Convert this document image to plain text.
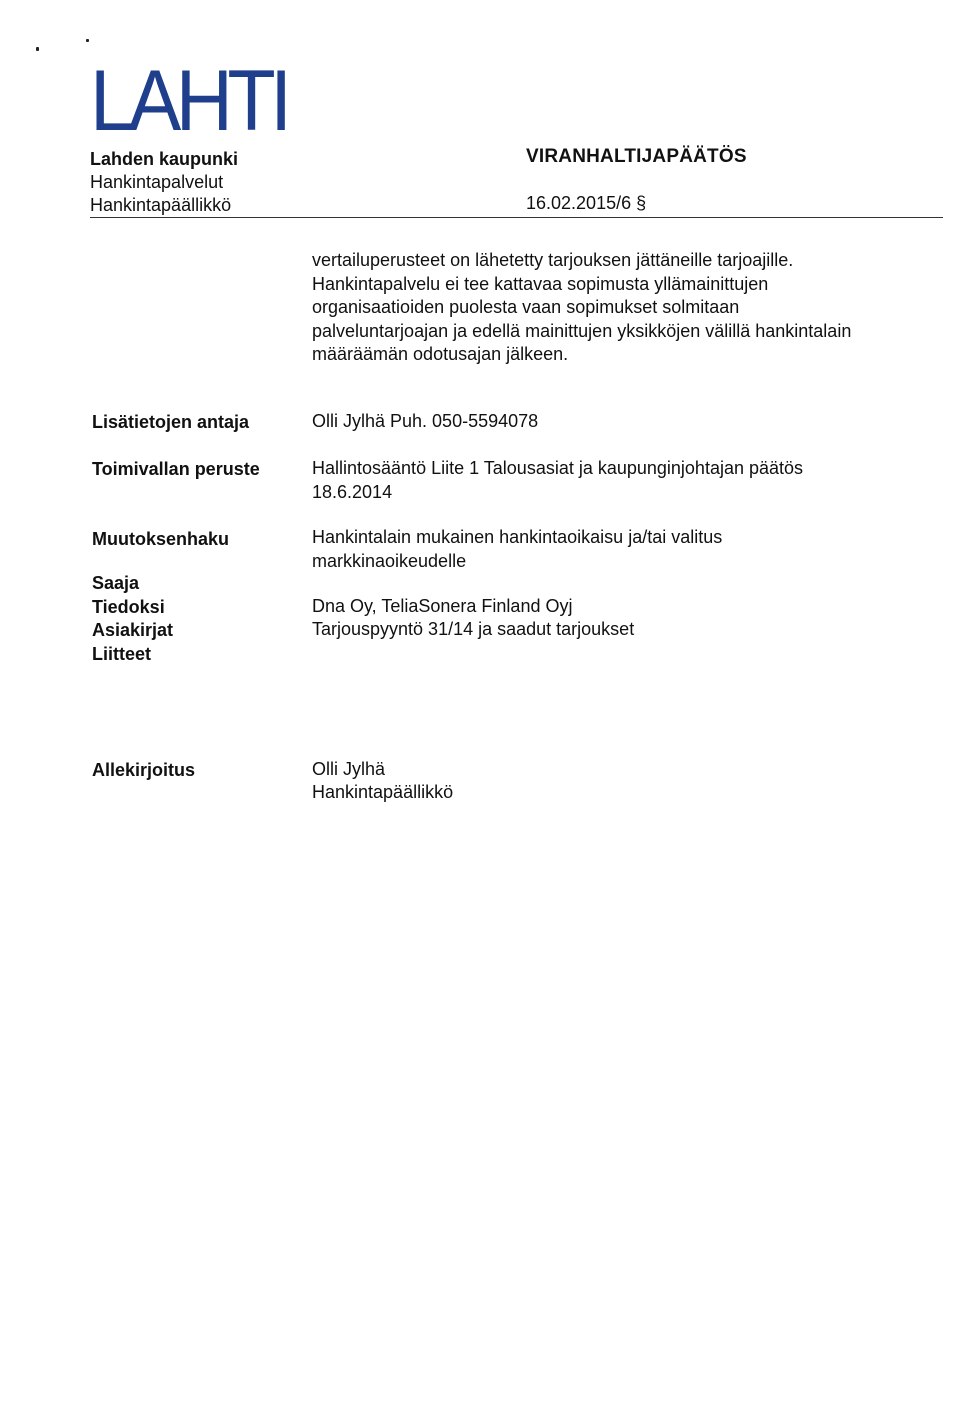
LAHTI
Lahden kaupunki
Hankintapalvelut
Hankintapäällikkö
VIRANHALTIJAPÄÄTÖS
16.02.2015/6 §
vertailuperusteet on lähetetty tarjouksen jättäneille tarjoajille.
Hankintapalvelu ei tee kattavaa sopimusta yllämainittujen
organisaatioiden puolesta vaan sopimukset solmitaan
palveluntarjoajan ja edellä mainittujen yksikköjen välillä hankintalain
määräämän odotusajan jälkeen.
Lisätietojen antaja	Olli Jylhä Puh. 050-5594078
Toimivallan peruste	Hallintosääntö Liite 1 Talousasiat ja kaupunginjohtajan päätös
18.6.2014
Muutoksenhaku	Hankintalain mukainen hankintaoikaisu ja/tai valitus
markkinaoikeudelle
Saaja
Tiedoksi	Dna Oy, TeliaSonera Finland Oyj
Asiakirjat	Tarjouspyyntö 31/14 ja saadut tarjoukset
Liitteet
Allekirjoitus	Olli Jylhä
Hankintapäällikkö
